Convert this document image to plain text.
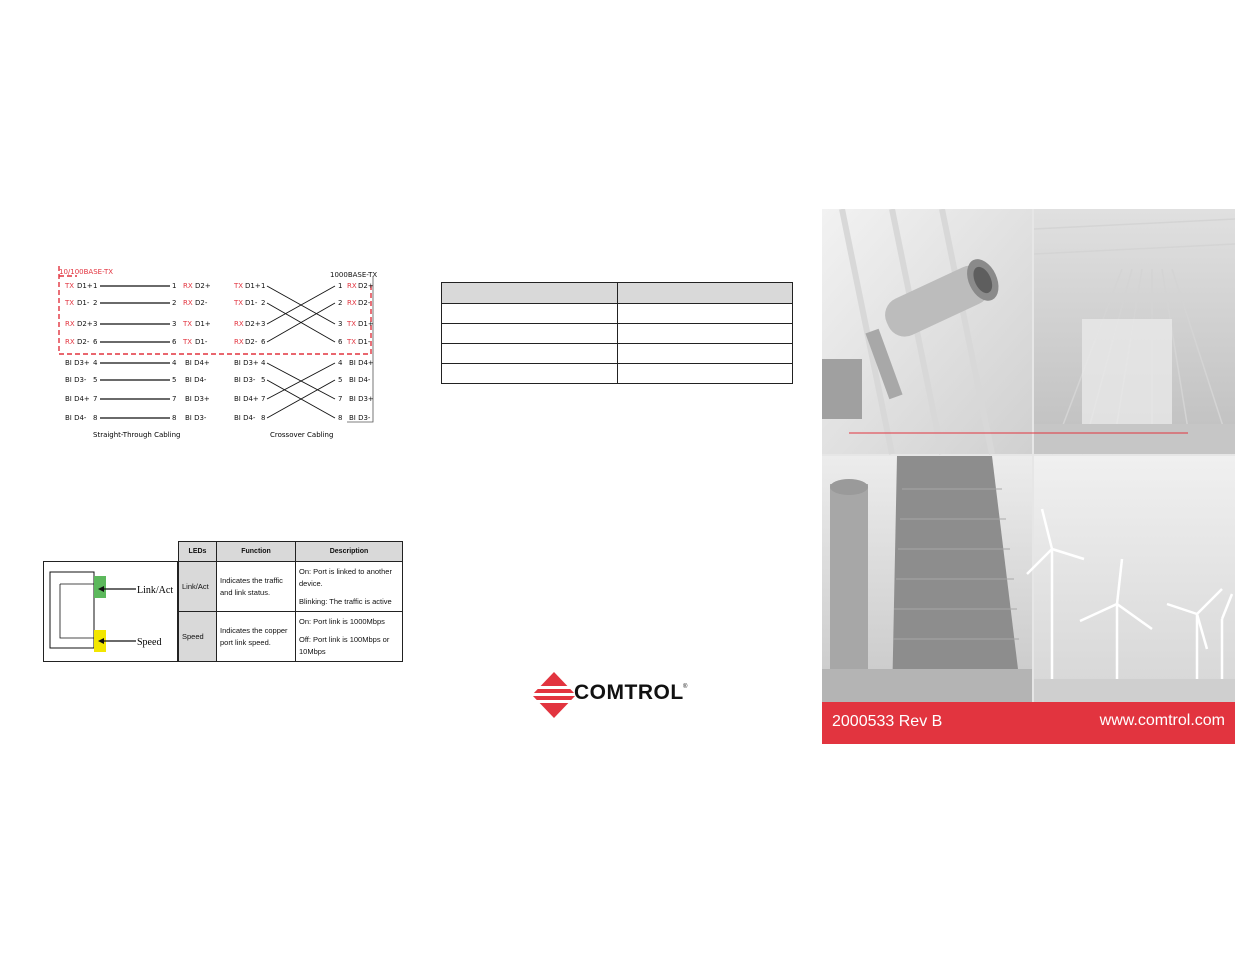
10/100BASE-TX	1000BASE-TX
TX D1+ 1	1 RX D2+
TX D1- 2	2 RX D2-
RX D2+ 3	3 TX D1+
RX D2- 6	6 TX D1-
BI D3+ 4	4 BI D4+
BI D3- 5	5 BI D4-
BI D4+ 7	7 BI D3+
BI D4- 8	8 BI D3-
TX D1+ 1	1 RX D2+
TX D1- 2	2 RX D2-
RX D2+ 3	3 TX D1+
RX D2- 6	6 TX D1-
BI D3+ 4	4 BI D4+
BI D3- 5	5 BI D4-
BI D4+ 7	7 BI D3+
BI D4- 8	8 BI D3-
Straight-Through Cabling	Crossover Cabling

Link/Act
Speed
LEDs	Function	Description
Link/Act	Indicates the traffic and link status.	On: Port is linked to another device.

Blinking: The traffic is active

Speed	Indicates the copper port link speed.	On: Port link is 1000Mbps

Off: Port link is 100Mbps or 10Mbps

COMTROL ®
2000533 Rev B	www.comtrol.com
